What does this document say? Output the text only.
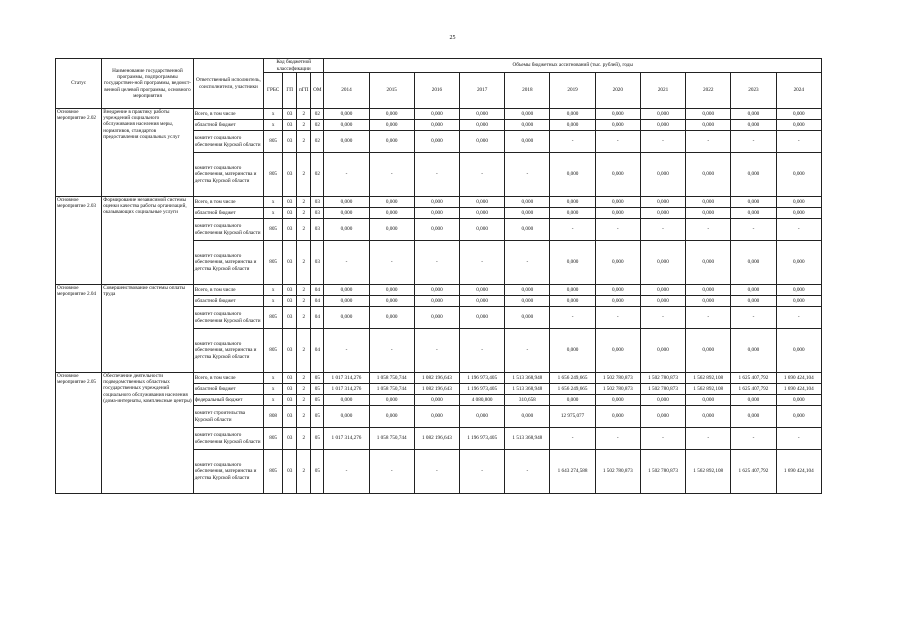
25
Статус	Наименование государственной программы, подпрограммы государствен-ной программы, ведомст-венной целевой программы, основного мероприятия	Ответственный исполнитель, соисполнители, участники	Код бюджетной классификации				Объемы бюджетных ассигнований (тыс. рублей), годы										
			ГРБС	ГП	пГП	ОМ	2014	2015	2016	2017	2018	2019	2020	2021	2022	2023	2024
Основное мероприятие 2.02	Внедрение в практику работы учреждений социального обслуживания населения меры, нормативов, стандартов предоставления социальных услуг	Всего, в том числе	х	03	2	02	0,000	0,000	0,000	0,000	0,000	0,000	0,000	0,000	0,000	0,000	0,000
		областной бюджет	х	03	2	02	0,000	0,000	0,000	0,000	0,000	0,000	0,000	0,000	0,000	0,000	0,000
		комитет социального обеспечения Курской области	805	03	2	02	0,000	0,000	0,000	0,000	0,000	-	-	-	-	-	-
		комитет социального обеспечения, материнства и детства Курской области	805	03	2	02	-	-	-	-	-	0,000	0,000	0,000	0,000	0,000	0,000
Основное мероприятие 2.03	Формирование независимой системы оценки качества работы организаций, оказывающих социальные услуги	Всего, в том числе	х	03	2	03	0,000	0,000	0,000	0,000	0,000	0,000	0,000	0,000	0,000	0,000	0,000
		областной бюджет	х	03	2	03	0,000	0,000	0,000	0,000	0,000	0,000	0,000	0,000	0,000	0,000	0,000
		комитет социального обеспечения Курской области	805	03	2	03	0,000	0,000	0,000	0,000	0,000	-	-	-	-	-	-
		комитет социального обеспечения, материнства и детства Курской области	805	03	2	03	-	-	-	-	-	0,000	0,000	0,000	0,000	0,000	0,000
Основное мероприятие 2.04	Совершенствование системы оплаты труда	Всего, в том числе	х	03	2	04	0,000	0,000	0,000	0,000	0,000	0,000	0,000	0,000	0,000	0,000	0,000
		областной бюджет	х	03	2	04	0,000	0,000	0,000	0,000	0,000	0,000	0,000	0,000	0,000	0,000	0,000
		комитет социального обеспечения Курской области	805	03	2	04	0,000	0,000	0,000	0,000	0,000	-	-	-	-	-	-
		комитет социального обеспечения, материнства и детства Курской области	805	03	2	04	-	-	-	-	-	0,000	0,000	0,000	0,000	0,000	0,000
Основное мероприятие 2.05	Обеспечение деятельности подведомственных областных государственных учреждений социального обслуживания населения (дома-интернаты, комплексные центры)	Всего, в том числе	х	03	2	05	1 017 314,276	1 058 750,744	1 082 196,643	1 196 973,405	1 513 368,948	1 656 249,665	1 502 780,873	1 502 780,873	1 562 892,108	1 625 407,792	1 690 424,104
		областной бюджет	х	03	2	05	1 017 314,276	1 058 750,744	1 082 196,643	1 196 973,405	1 513 368,948	1 656 249,665	1 502 780,873	1 502 780,873	1 562 892,108	1 625 407,792	1 690 424,104
		федеральный бюджет	х	03	2	05	0,000	0,000	0,000	4 080,800	310,658	0,000	0,000	0,000	0,000	0,000	0,000
		комитет строительства Курской области	808	03	2	05	0,000	0,000	0,000	0,000	0,000	12 975,077	0,000	0,000	0,000	0,000	0,000
		комитет социального обеспечения Курской области	805	03	2	05	1 017 314,276	1 058 750,744	1 082 196,643	1 196 973,405	1 513 368,948	-	-	-	-	-	-
		комитет социального обеспечения, материнства и детства Курской области	805	03	2	05	-	-	-	-	-	1 643 274,588	1 502 780,873	1 502 780,873	1 562 892,108	1 625 407,792	1 690 424,104
